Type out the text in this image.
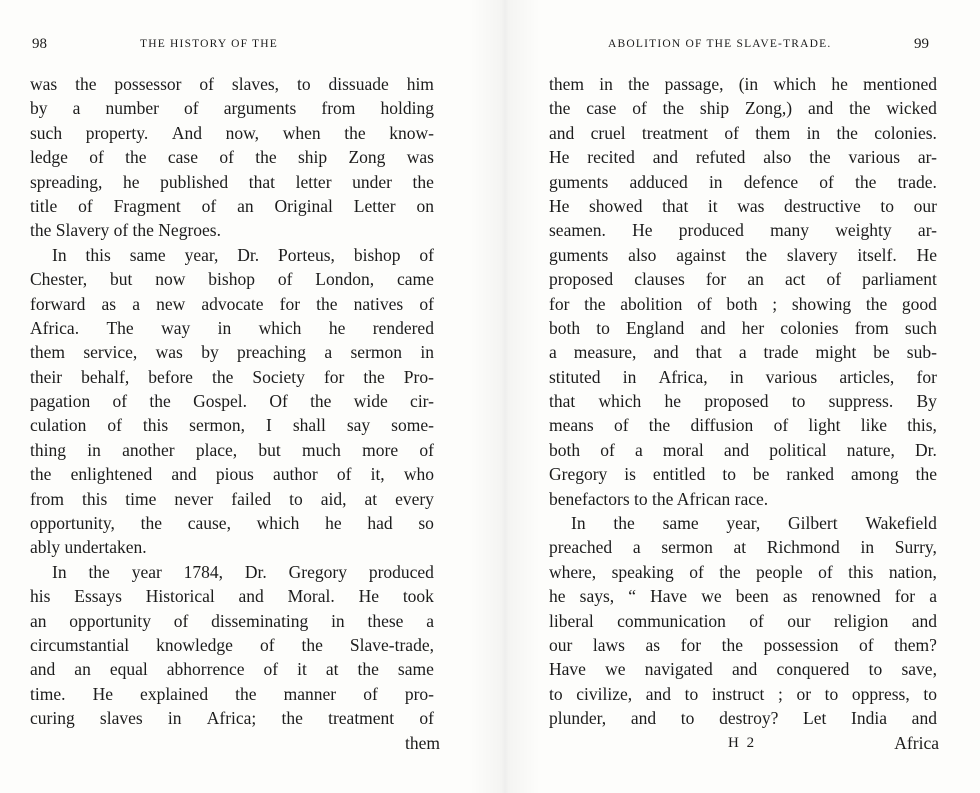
98	THE HISTORY OF THE
was the possessor of slaves, to dissuade him
by a number of arguments from holding
such property. And now, when the know-
ledge of the case of the ship Zong was
spreading, he published that letter under the
title of Fragment of an Original Letter on
the Slavery of the Negroes.
In this same year, Dr. Porteus, bishop of
Chester, but now bishop of London, came
forward as a new advocate for the natives of
Africa. The way in which he rendered
them service, was by preaching a sermon in
their behalf, before the Society for the Pro-
pagation of the Gospel. Of the wide cir-
culation of this sermon, I shall say some-
thing in another place, but much more of
the enlightened and pious author of it, who
from this time never failed to aid, at every
opportunity, the cause, which he had so
ably undertaken.
In the year 1784, Dr. Gregory produced
his Essays Historical and Moral. He took
an opportunity of disseminating in these a
circumstantial knowledge of the Slave-trade,
and an equal abhorrence of it at the same
time. He explained the manner of pro-
curing slaves in Africa; the treatment of
them
ABOLITION OF THE SLAVE-TRADE.	99
them in the passage, (in which he mentioned
the case of the ship Zong,) and the wicked
and cruel treatment of them in the colonies.
He recited and refuted also the various ar-
guments adduced in defence of the trade.
He showed that it was destructive to our
seamen. He produced many weighty ar-
guments also against the slavery itself. He
proposed clauses for an act of parliament
for the abolition of both ; showing the good
both to England and her colonies from such
a measure, and that a trade might be sub-
stituted in Africa, in various articles, for
that which he proposed to suppress. By
means of the diffusion of light like this,
both of a moral and political nature, Dr.
Gregory is entitled to be ranked among the
benefactors to the African race.
In the same year, Gilbert Wakefield
preached a sermon at Richmond in Surry,
where, speaking of the people of this nation,
he says, “ Have we been as renowned for a
liberal communication of our religion and
our laws as for the possession of them?
Have we navigated and conquered to save,
to civilize, and to instruct ; or to oppress, to
plunder, and to destroy? Let India and
H 2	Africa
